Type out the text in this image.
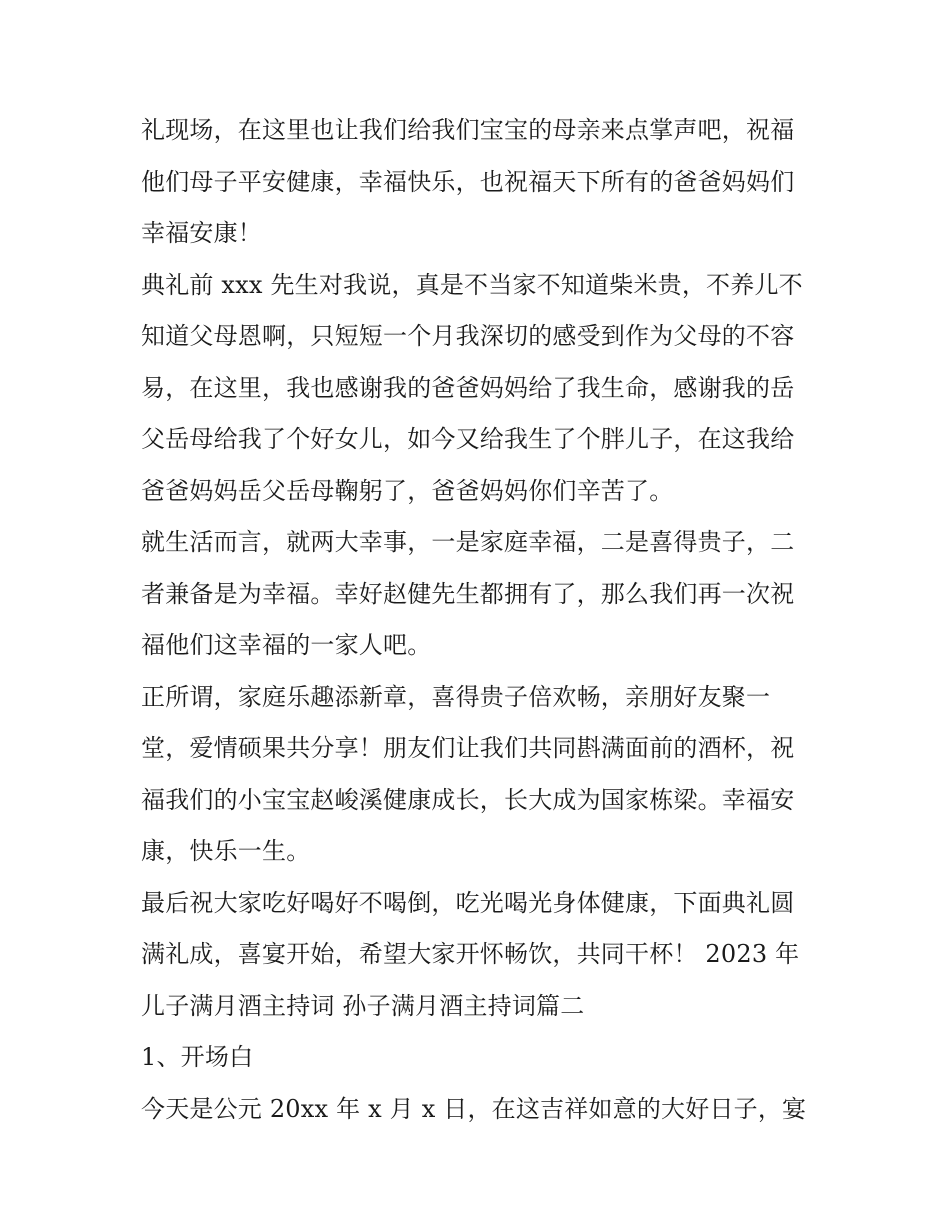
礼现场，在这里也让我们给我们宝宝的母亲来点掌声吧，祝福
他们母子平安健康，幸福快乐，也祝福天下所有的爸爸妈妈们
幸福安康！
典礼前 xxx 先生对我说，真是不当家不知道柴米贵，不养儿不
知道父母恩啊，只短短一个月我深切的感受到作为父母的不容
易，在这里，我也感谢我的爸爸妈妈给了我生命，感谢我的岳
父岳母给我了个好女儿，如今又给我生了个胖儿子，在这我给
爸爸妈妈岳父岳母鞠躬了，爸爸妈妈你们辛苦了。
就生活而言，就两大幸事，一是家庭幸福，二是喜得贵子，二
者兼备是为幸福。幸好赵健先生都拥有了，那么我们再一次祝
福他们这幸福的一家人吧。
正所谓，家庭乐趣添新章，喜得贵子倍欢畅，亲朋好友聚一
堂，爱情硕果共分享！朋友们让我们共同斟满面前的酒杯，祝
福我们的小宝宝赵峻溪健康成长，长大成为国家栋梁。幸福安
康，快乐一生。
最后祝大家吃好喝好不喝倒，吃光喝光身体健康，下面典礼圆
满礼成，喜宴开始，希望大家开怀畅饮，共同干杯！ 2023 年
儿子满月酒主持词 孙子满月酒主持词篇二
1、开场白
今天是公元 20xx 年 x 月 x 日，在这吉祥如意的大好日子，宴
